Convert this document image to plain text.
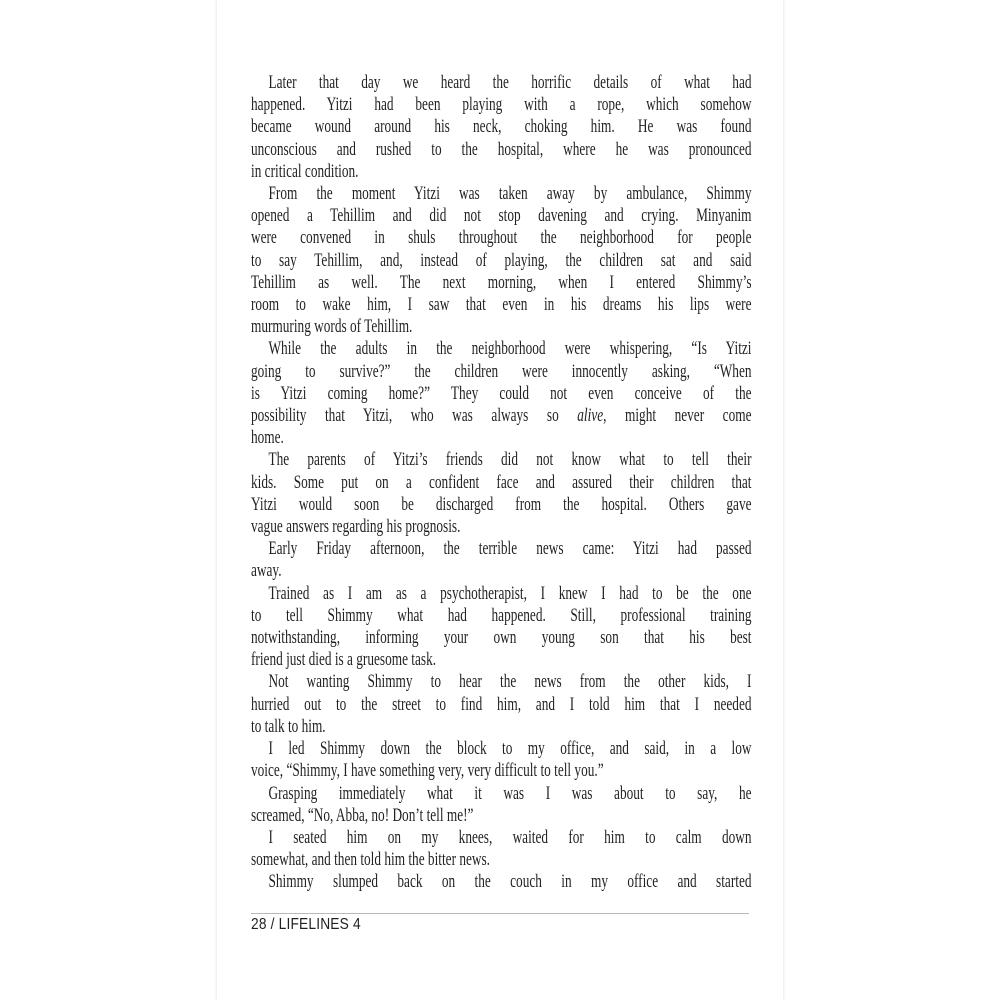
Later that day we heard the horrific details of what had
happened. Yitzi had been playing with a rope, which somehow
became wound around his neck, choking him. He was found
unconscious and rushed to the hospital, where he was pronounced
in critical condition.

From the moment Yitzi was taken away by ambulance, Shimmy
opened a Tehillim and did not stop davening and crying. Minyanim
were convened in shuls throughout the neighborhood for people
to say Tehillim, and, instead of playing, the children sat and said
Tehillim as well. The next morning, when I entered Shimmy’s
room to wake him, I saw that even in his dreams his lips were
murmuring words of Tehillim.

While the adults in the neighborhood were whispering, “Is Yitzi
going to survive?” the children were innocently asking, “When
is Yitzi coming home?” They could not even conceive of the
possibility that Yitzi, who was always so alive, might never come
home.

The parents of Yitzi’s friends did not know what to tell their
kids. Some put on a confident face and assured their children that
Yitzi would soon be discharged from the hospital. Others gave
vague answers regarding his prognosis.

Early Friday afternoon, the terrible news came: Yitzi had passed
away.

Trained as I am as a psychotherapist, I knew I had to be the one
to tell Shimmy what had happened. Still, professional training
notwithstanding, informing your own young son that his best
friend just died is a gruesome task.

Not wanting Shimmy to hear the news from the other kids, I
hurried out to the street to find him, and I told him that I needed
to talk to him.

I led Shimmy down the block to my office, and said, in a low
voice, “Shimmy, I have something very, very difficult to tell you.”

Grasping immediately what it was I was about to say, he
screamed, “No, Abba, no! Don’t tell me!”

I seated him on my knees, waited for him to calm down
somewhat, and then told him the bitter news.

Shimmy slumped back on the couch in my office and started

28 / LIFELINES 4
